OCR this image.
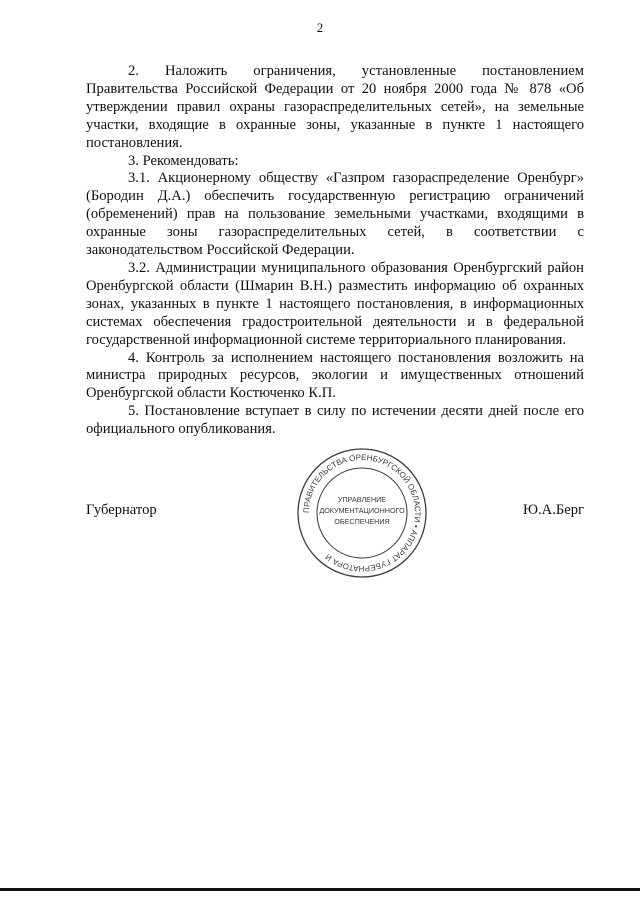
2

2. Наложить ограничения, установленные постановлением Правительства Российской Федерации от 20 ноября 2000 года № 878 «Об утверждении правил охраны газораспределительных сетей», на земельные участки, входящие в охранные зоны, указанные в пункте 1 настоящего постановления.

3. Рекомендовать:

3.1. Акционерному обществу «Газпром газораспределение Оренбург» (Бородин Д.А.) обеспечить государственную регистрацию ограничений (обременений) прав на пользование земельными участками, входящими в охранные зоны газораспределительных сетей, в соответствии с законодательством Российской Федерации.

3.2. Администрации муниципального образования Оренбургский район Оренбургской области (Шмарин В.Н.) разместить информацию об охранных зонах, указанных в пункте 1 настоящего постановления, в информационных системах обеспечения градостроительной деятельности и в федеральной государственной информационной системе территориального планирования.

4. Контроль за исполнением настоящего постановления возложить на министра природных ресурсов, экологии и имущественных отношений Оренбургской области Костюченко К.П.

5. Постановление вступает в силу по истечении десяти дней после его официального опубликования.

Губернатор	Ю.А.Берг
ПРАВИТЕЛЬСТВА ОРЕНБУРГСКОЙ ОБЛАСТИ • АППАРАТ ГУБЕРНАТОРА И
УПРАВЛЕНИЕ
ДОКУМЕНТАЦИОННОГО
ОБЕСПЕЧЕНИЯ
